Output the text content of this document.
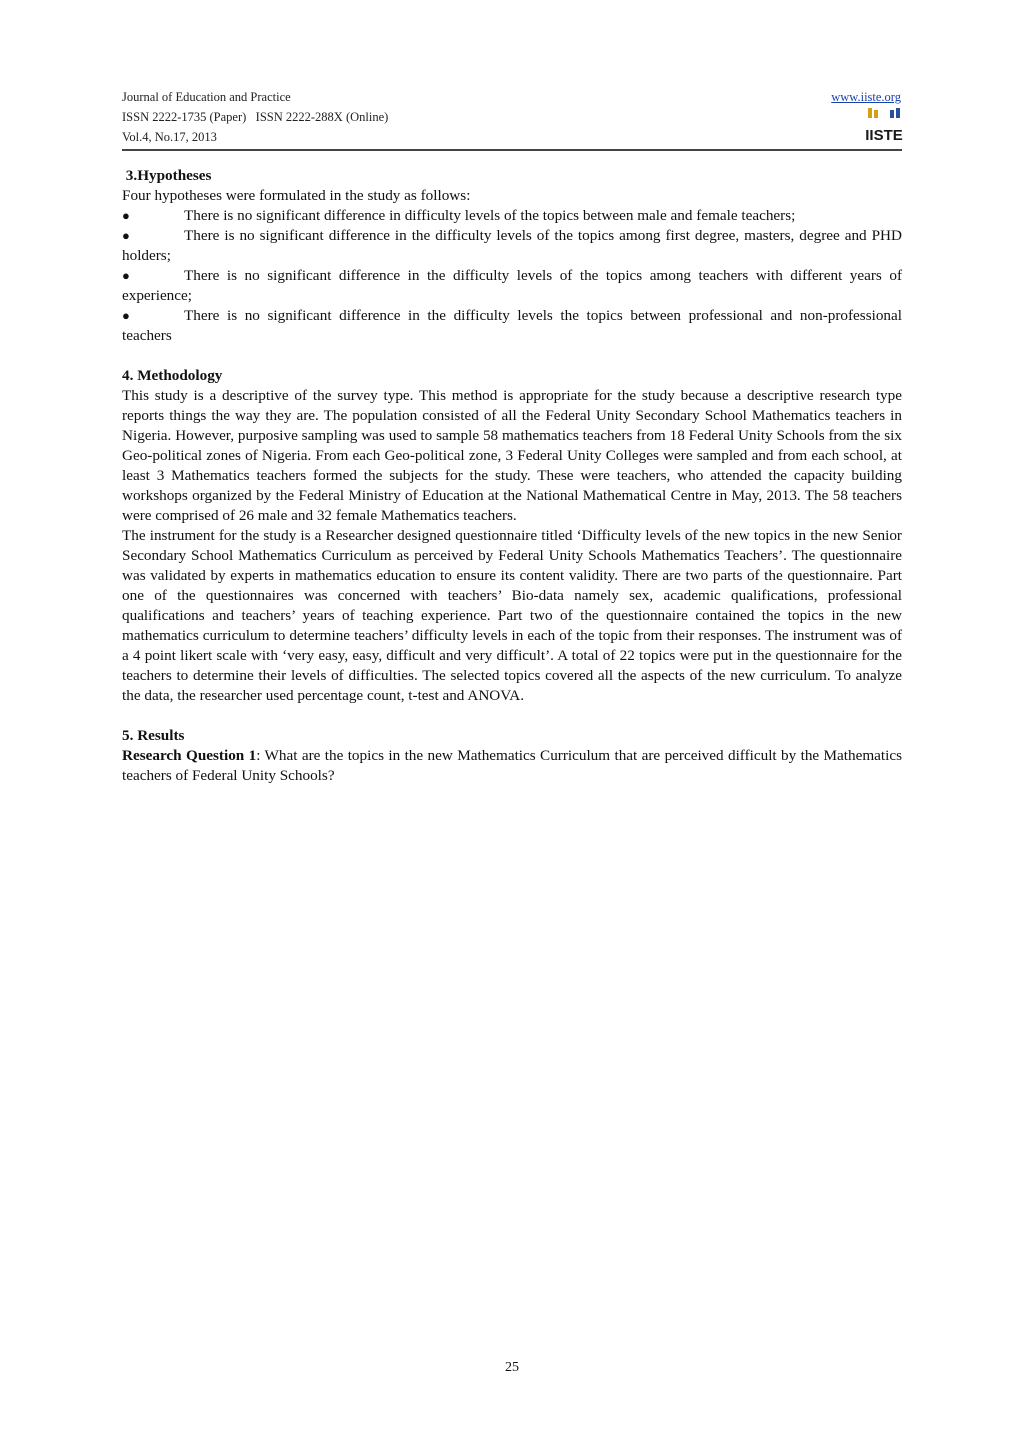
Journal of Education and Practice
ISSN 2222-1735 (Paper)   ISSN 2222-288X (Online)
Vol.4, No.17, 2013
www.iiste.org
IISTE

3.Hypotheses

Four hypotheses were formulated in the study as follows:

●	There is no significant difference in difficulty levels of the topics between male and female teachers;
●	There is no significant difference in the difficulty levels of the topics among first degree, masters, degree and PHD holders;
●	There is no significant difference in the difficulty levels of the topics among teachers with different years of experience;
●	There is no significant difference in the difficulty levels the topics between professional and non-professional teachers

4. Methodology

This study is a descriptive of the survey type. This method is appropriate for the study because a descriptive research type reports things the way they are. The population consisted of all the Federal Unity Secondary School Mathematics teachers in Nigeria. However, purposive sampling was used to sample 58 mathematics teachers from 18 Federal Unity Schools from the six Geo-political zones of Nigeria. From each Geo-political zone, 3 Federal Unity Colleges were sampled and from each school, at least 3 Mathematics teachers formed the subjects for the study. These were teachers, who attended the capacity building workshops organized by the Federal Ministry of Education at the National Mathematical Centre in May, 2013. The 58 teachers were comprised of 26 male and 32 female Mathematics teachers.

The instrument for the study is a Researcher designed questionnaire titled ‘Difficulty levels of the new topics in the new Senior Secondary School Mathematics Curriculum as perceived by Federal Unity Schools Mathematics Teachers’. The questionnaire was validated by experts in mathematics education to ensure its content validity. There are two parts of the questionnaire. Part one of the questionnaires was concerned with teachers’ Bio-data namely sex, academic qualifications, professional qualifications and teachers’ years of teaching experience. Part two of the questionnaire contained the topics in the new mathematics curriculum to determine teachers’ difficulty levels in each of the topic from their responses. The instrument was of a 4 point likert scale with ‘very easy, easy, difficult and very difficult’. A total of 22 topics were put in the questionnaire for the teachers to determine their levels of difficulties. The selected topics covered all the aspects of the new curriculum. To analyze the data, the researcher used percentage count, t-test and ANOVA.

5. Results

Research Question 1: What are the topics in the new Mathematics Curriculum that are perceived difficult by the Mathematics teachers of Federal Unity Schools?

25
